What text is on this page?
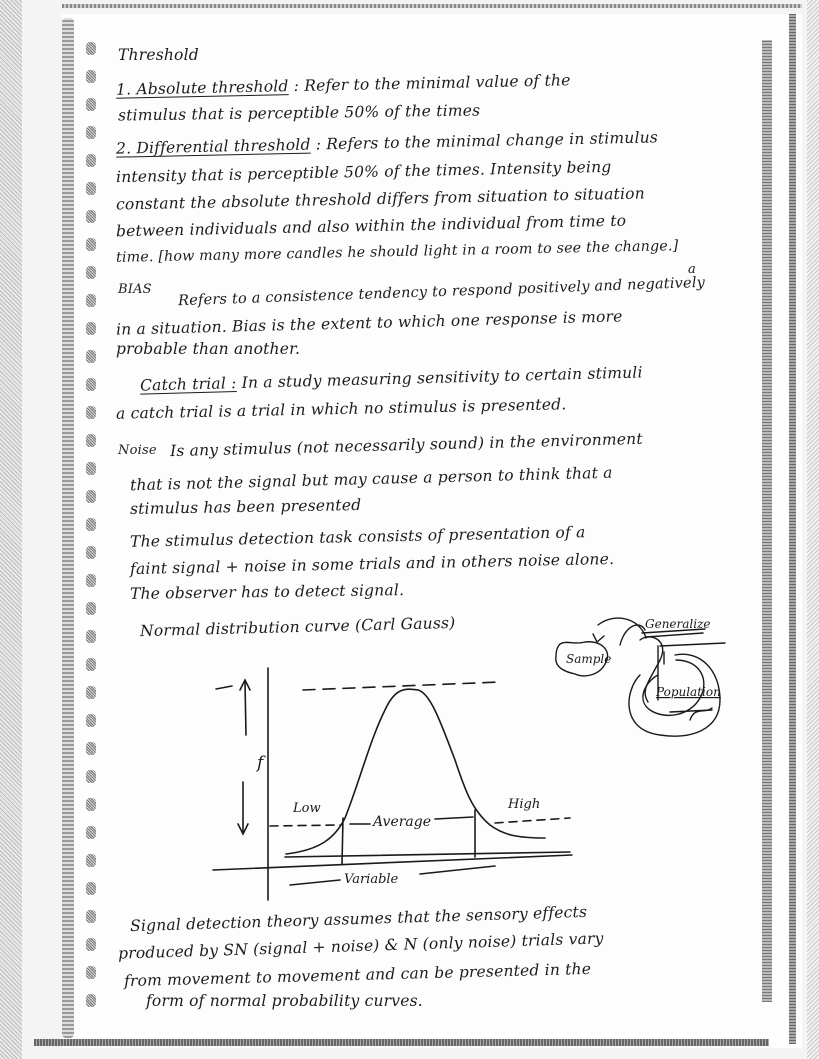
Threshold
1. Absolute threshold : Refer to the minimal value of the
stimulus that is perceptible 50% of the times
2. Differential threshold : Refers to the minimal change in stimulus
intensity that is perceptible 50% of the times. Intensity being
constant the absolute threshold differs from situation to situation
between individuals and also within the individual from time to
time. [how many more candles he should light in a room to see the change.]
a
BIAS Refers to a consistence tendency to respond positively and negatively
in a situation. Bias is the extent to which one response is more
probable than another.
Catch trial : In a study measuring sensitivity to certain stimuli
a catch trial is a trial in which no stimulus is presented.
Noise Is any stimulus (not necessarily sound) in the environment
that is not the signal but may cause a person to think that a
stimulus has been presented
The stimulus detection task consists of presentation of a
faint signal + noise in some trials and in others noise alone.
The observer has to detect signal.
Normal distribution curve (Carl Gauss)
f
Low
Average
High
Variable
Sample
Generalize
Population
Signal detection theory assumes that the sensory effects
produced by SN (signal + noise) & N (only noise) trials vary
from movement to movement and can be presented in the
form of normal probability curves.
